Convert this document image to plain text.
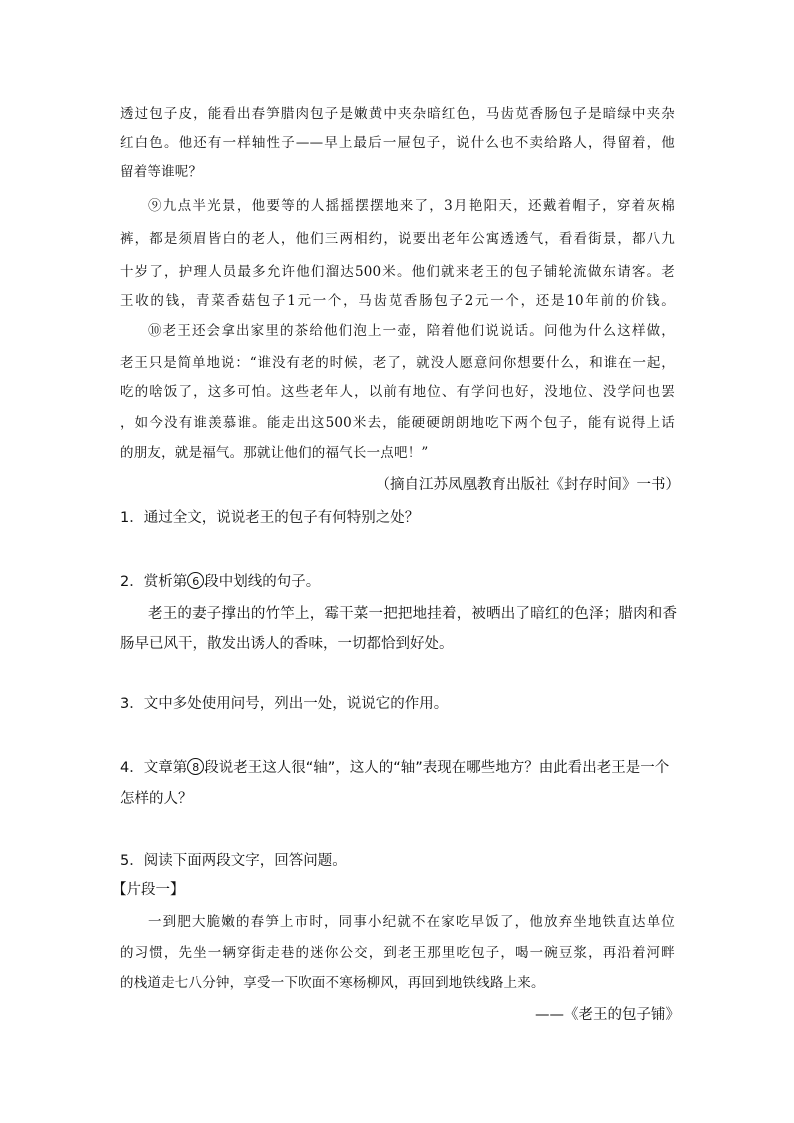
透过包子皮，能看出春笋腊肉包子是嫩黄中夹杂暗红色，马齿苋香肠包子是暗绿中夹杂
红白色。他还有一样轴性子——早上最后一屉包子，说什么也不卖给路人，得留着，他
留着等谁呢？
⑨九点半光景，他要等的人摇摇摆摆地来了，3月艳阳天，还戴着帽子，穿着灰棉
裤，都是须眉皆白的老人，他们三两相约，说要出老年公寓透透气，看看街景，都八九
十岁了，护理人员最多允许他们溜达500米。他们就来老王的包子铺轮流做东请客。老
王收的钱，青菜香菇包子1元一个，马齿苋香肠包子2元一个，还是10年前的价钱。
⑩老王还会拿出家里的茶给他们泡上一壶，陪着他们说说话。问他为什么这样做，
老王只是简单地说：“谁没有老的时候，老了，就没人愿意问你想要什么，和谁在一起，
吃的啥饭了，这多可怕。这些老年人，以前有地位、有学问也好，没地位、没学问也罢
，如今没有谁羡慕谁。能走出这500米去，能硬硬朗朗地吃下两个包子，能有说得上话
的朋友，就是福气。那就让他们的福气长一点吧！”
（摘自江苏凤凰教育出版社《封存时间》一书）
1．通过全文，说说老王的包子有何特别之处？
2．赏析第 6 段中划线的句子。
老王的妻子撑出的竹竿上，霉干菜一把把地挂着，被晒出了暗红的色泽；腊肉和香
肠早已风干，散发出诱人的香味，一切都恰到好处。
3．文中多处使用问号，列出一处，说说它的作用。
4．文章第 8 段说老王这人很“轴”，这人的“轴”表现在哪些地方？由此看出老王是一个
怎样的人？
5．阅读下面两段文字，回答问题。
【片段一】
一到肥大脆嫩的春笋上市时，同事小纪就不在家吃早饭了，他放弃坐地铁直达单位
的习惯，先坐一辆穿街走巷的迷你公交，到老王那里吃包子，喝一碗豆浆，再沿着河畔
的栈道走七八分钟，享受一下吹面不寒杨柳风，再回到地铁线路上来。
——《老王的包子铺》
